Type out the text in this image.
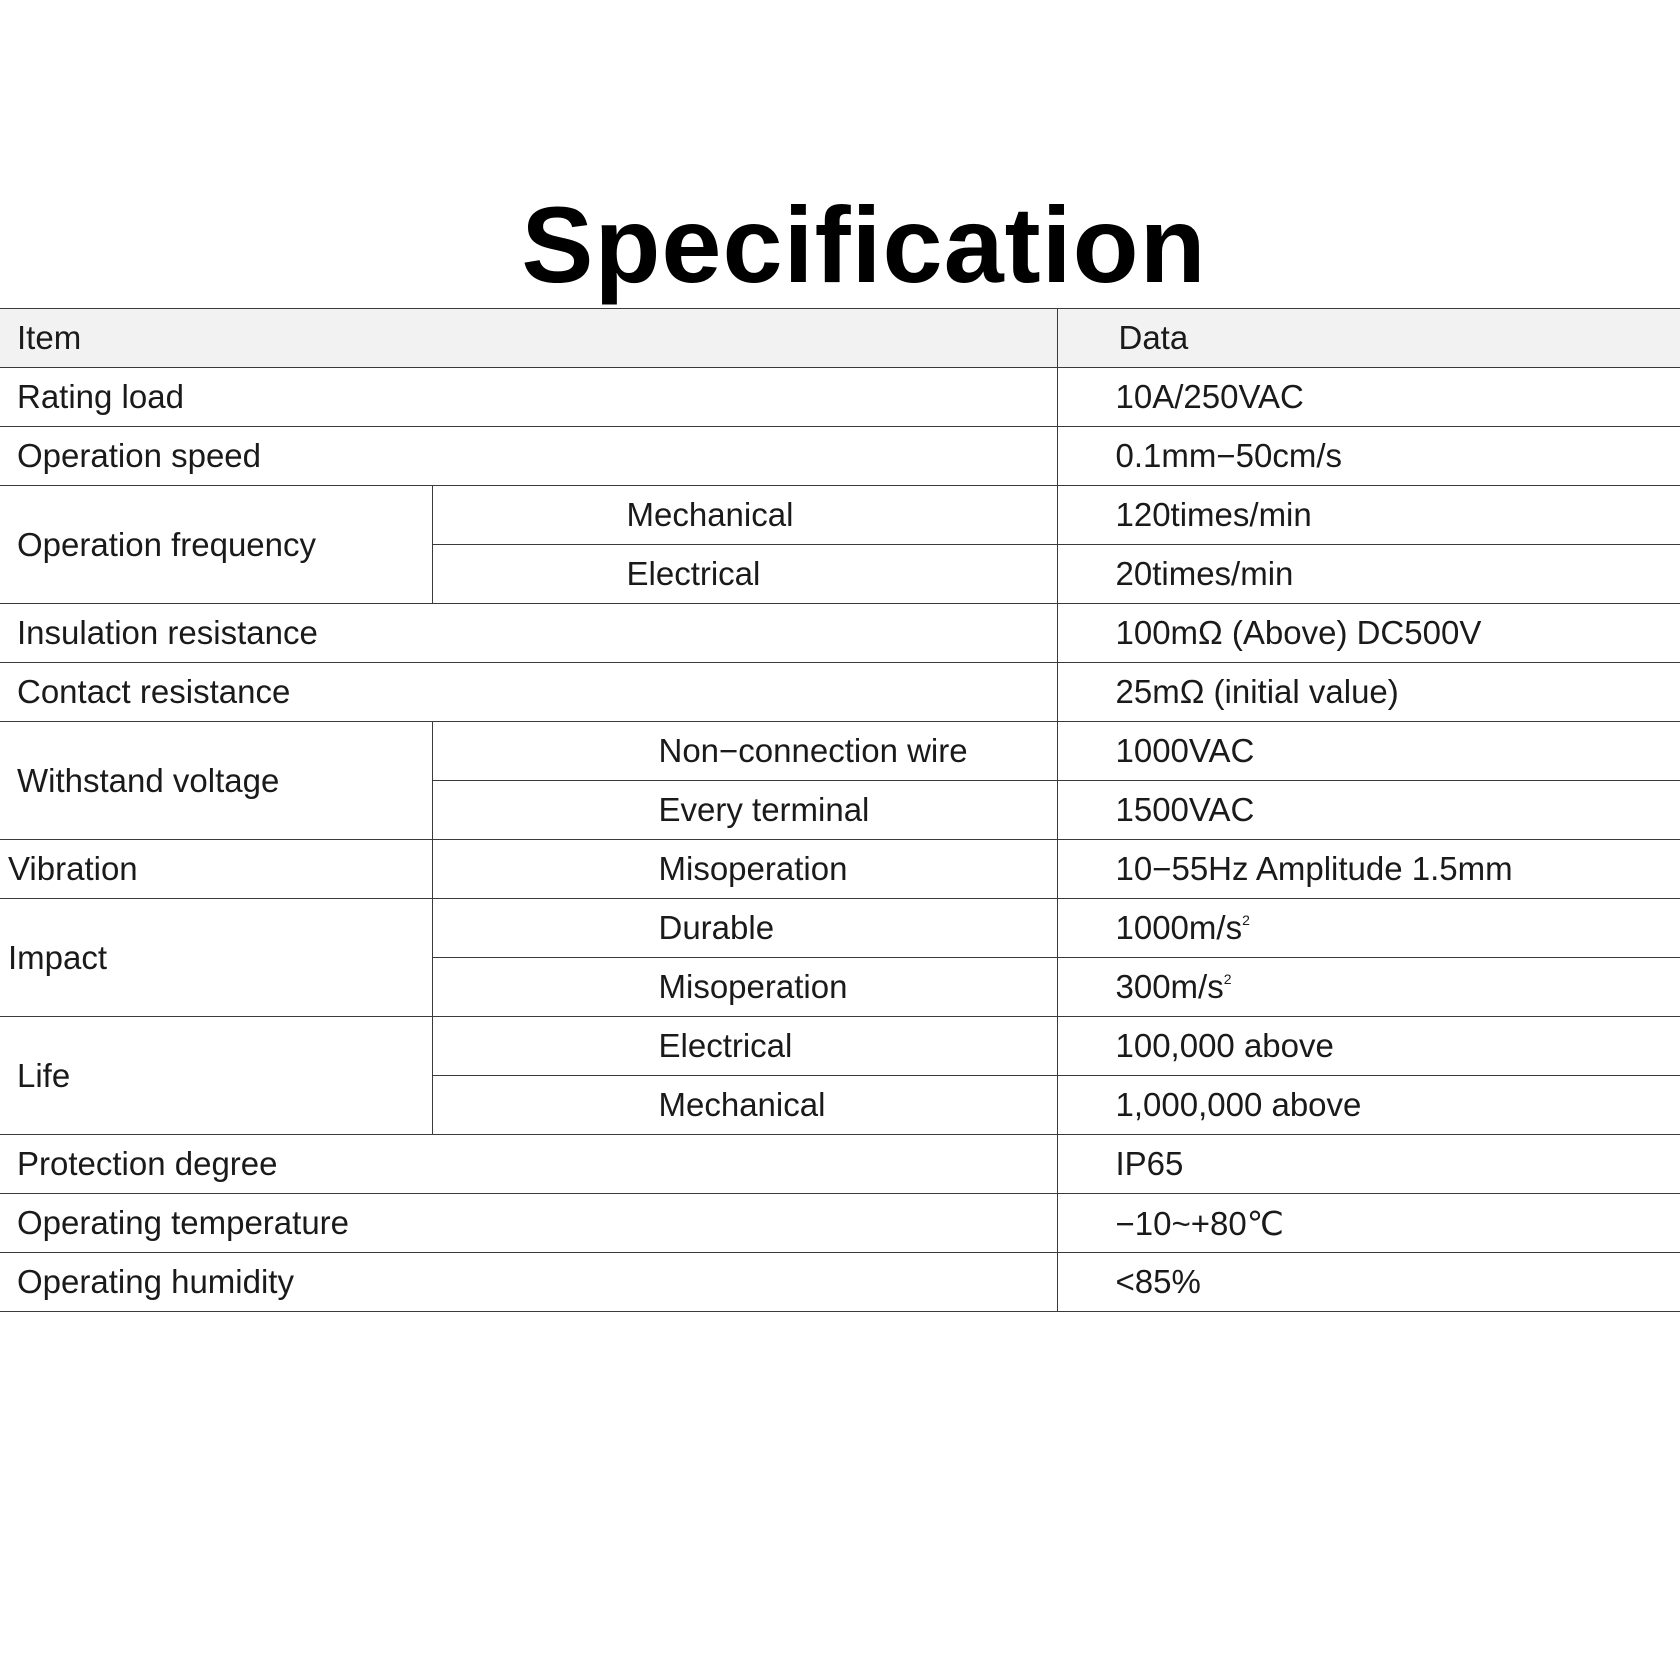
Specification
Item		Data
Rating load		10A/250VAC
Operation speed		0.1mm−50cm/s
Operation frequency	Mechanical	120times/min
	Electrical	20times/min
Insulation resistance		100mΩ (Above) DC500V
Contact resistance		25mΩ (initial value)
Withstand voltage	Non−connection wire	1000VAC
	Every terminal	1500VAC
Vibration	Misoperation	10−55Hz Amplitude 1.5mm
Impact	Durable	$1000m/s^2$
	Misoperation	$300m/s^2$
Life	Electrical	100,000 above
	Mechanical	1,000,000 above
Protection degree		IP65
Operating temperature		−10~+80℃
Operating humidity		<85%
